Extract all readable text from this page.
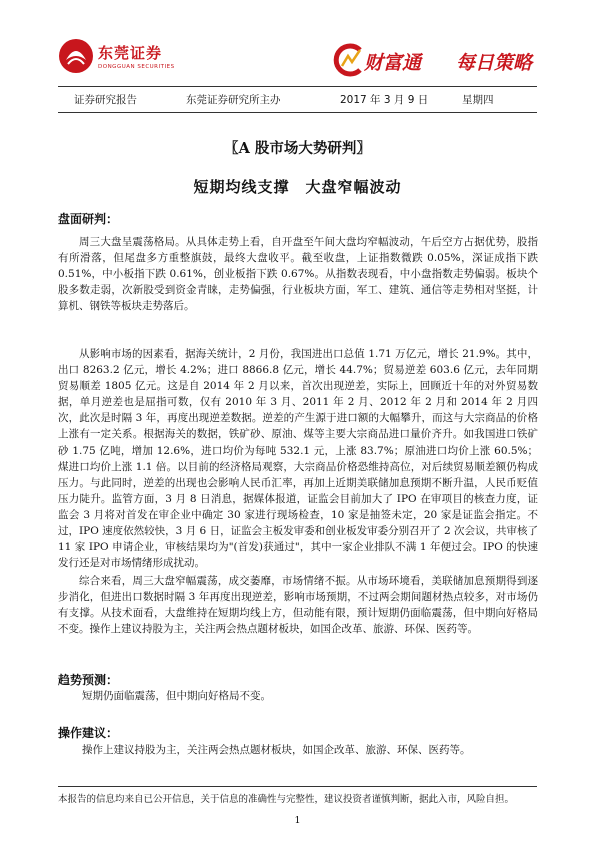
东莞证券
DONGGUAN SECURITIES	财富通 每日策略
证券研究报告	东莞证券研究所主办	2017 年 3 月 9 日	星期四
〖A 股市场大势研判〗
短期均线支撑　大盘窄幅波动
盘面研判：

周三大盘呈震荡格局。从具体走势上看，自开盘至午间大盘均窄幅波动，午后空方占据优势，股指有所滑落，但尾盘多方重整旗鼓，最终大盘收平。截至收盘，上证指数微跌 0.05%，深证成指下跌 0.51%，中小板指下跌 0.61%，创业板指下跌 0.67%。从指数表现看，中小盘指数走势偏弱。板块个股多数走弱，次新股受到资金青睐，走势偏强，行业板块方面，军工、建筑、通信等走势相对坚挺，计算机、钢铁等板块走势落后。

从影响市场的因素看，据海关统计，2 月份，我国进出口总值 1.71 万亿元，增长 21.9%。其中，出口 8263.2 亿元，增长 4.2%；进口 8866.8 亿元，增长 44.7%；贸易逆差 603.6 亿元，去年同期贸易顺差 1805 亿元。这是自 2014 年 2 月以来，首次出现逆差，实际上，回顾近十年的对外贸易数据，单月逆差也是屈指可数，仅有 2010 年 3 月、2011 年 2 月、2012 年 2 月和 2014 年 2 月四次，此次是时隔 3 年，再度出现逆差数据。逆差的产生源于进口额的大幅攀升，而这与大宗商品的价格上涨有一定关系。根据海关的数据，铁矿砂、原油、煤等主要大宗商品进口量价齐升。如我国进口铁矿砂 1.75 亿吨，增加 12.6%，进口均价为每吨 532.1 元，上涨 83.7%；原油进口均价上涨 60.5%；煤进口均价上涨 1.1 倍。以目前的经济格局观察，大宗商品价格恐维持高位，对后续贸易顺差额仍构成压力。与此同时，逆差的出现也会影响人民币汇率，再加上近期美联储加息预期不断升温，人民币贬值压力陡升。监管方面，3 月 8 日消息，据媒体报道，证监会目前加大了 IPO 在审项目的核查力度，证监会 3 月将对首发在审企业中确定 30 家进行现场检查，10 家是抽签未定，20 家是证监会指定。不过，IPO 速度依然较快，3 月 6 日，证监会主板发审委和创业板发审委分别召开了 2 次会议，共审核了 11 家 IPO 申请企业，审核结果均为"(首发)获通过"，其中一家企业排队不满 1 年便过会。IPO 的快速发行还是对市场情绪形成扰动。

综合来看，周三大盘窄幅震荡，成交萎靡，市场情绪不振。从市场环境看，美联储加息预期得到逐步消化，但进出口数据时隔 3 年再度出现逆差，影响市场预期，不过两会期间题材热点较多，对市场仍有支撑。从技术面看，大盘维持在短期均线上方，但动能有限，预计短期仍面临震荡，但中期向好格局不变。操作上建议持股为主，关注两会热点题材板块，如国企改革、旅游、环保、医药等。

趋势预测：
短期仍面临震荡，但中期向好格局不变。
操作建议：
操作上建议持股为主，关注两会热点题材板块，如国企改革、旅游、环保、医药等。
本报告的信息均来自已公开信息，关于信息的准确性与完整性，建议投资者谨慎判断，据此入市，风险自担。
1
